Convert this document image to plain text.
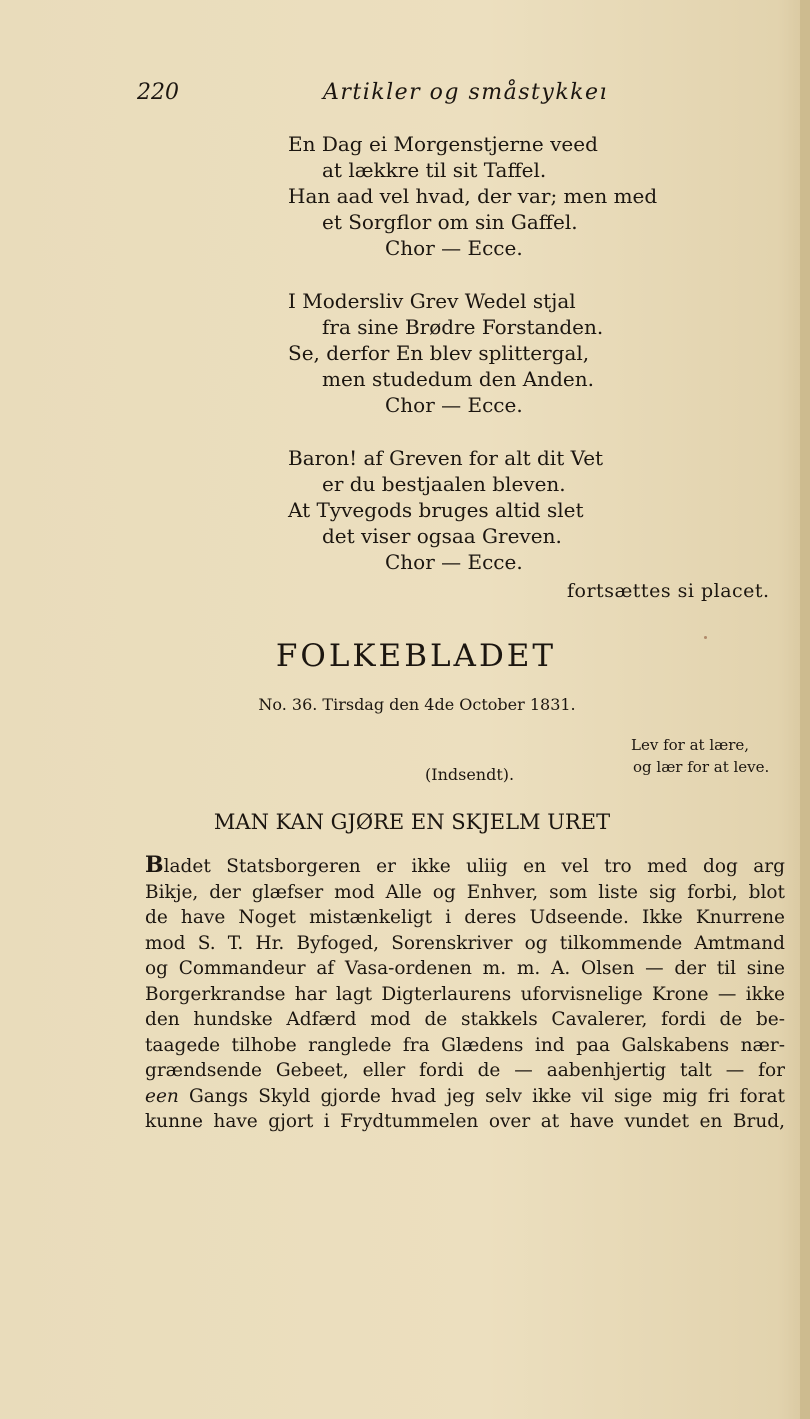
220	Artikler og småstykkeı
En Dag ei Morgenstjerne veed
at lækkre til sit Taffel.
Han aad vel hvad, der var; men med
et Sorgflor om sin Gaffel.
Chor — Ecce.
I Modersliv Grev Wedel stjal
fra sine Brødre Forstanden.
Se, derfor En blev splittergal,
men studedum den Anden.
Chor — Ecce.
Baron! af Greven for alt dit Vet
er du bestjaalen bleven.
At Tyvegods bruges altid slet
det viser ogsaa Greven.
Chor — Ecce.
fortsættes si placet.
FOLKEBLADET
No. 36. Tirsdag den 4de October 1831.
Lev for at lære,
og lær for at leve.
(Indsendt).
MAN KAN GJØRE EN SKJELM URET
Bladet Statsborgeren er ikke uliig en vel tro med dog arg
Bikje, der glæfser mod Alle og Enhver, som liste sig forbi, blot
de have Noget mistænkeligt i deres Udseende. Ikke Knurrene
mod S. T. Hr. Byfoged, Sorenskriver og tilkommende Amtmand
og Commandeur af Vasa-ordenen m. m. A. Olsen — der til sine
Borgerkrandse har lagt Digterlaurens uforvisnelige Krone — ikke
den hundske Adfærd mod de stakkels Cavalerer, fordi de be-
taagede tilhobe ranglede fra Glædens ind paa Galskabens nær-
grændsende Gebeet, eller fordi de — aabenhjertig talt — for
een Gangs Skyld gjorde hvad jeg selv ikke vil sige mig fri forat
kunne have gjort i Frydtummelen over at have vundet en Brud,
